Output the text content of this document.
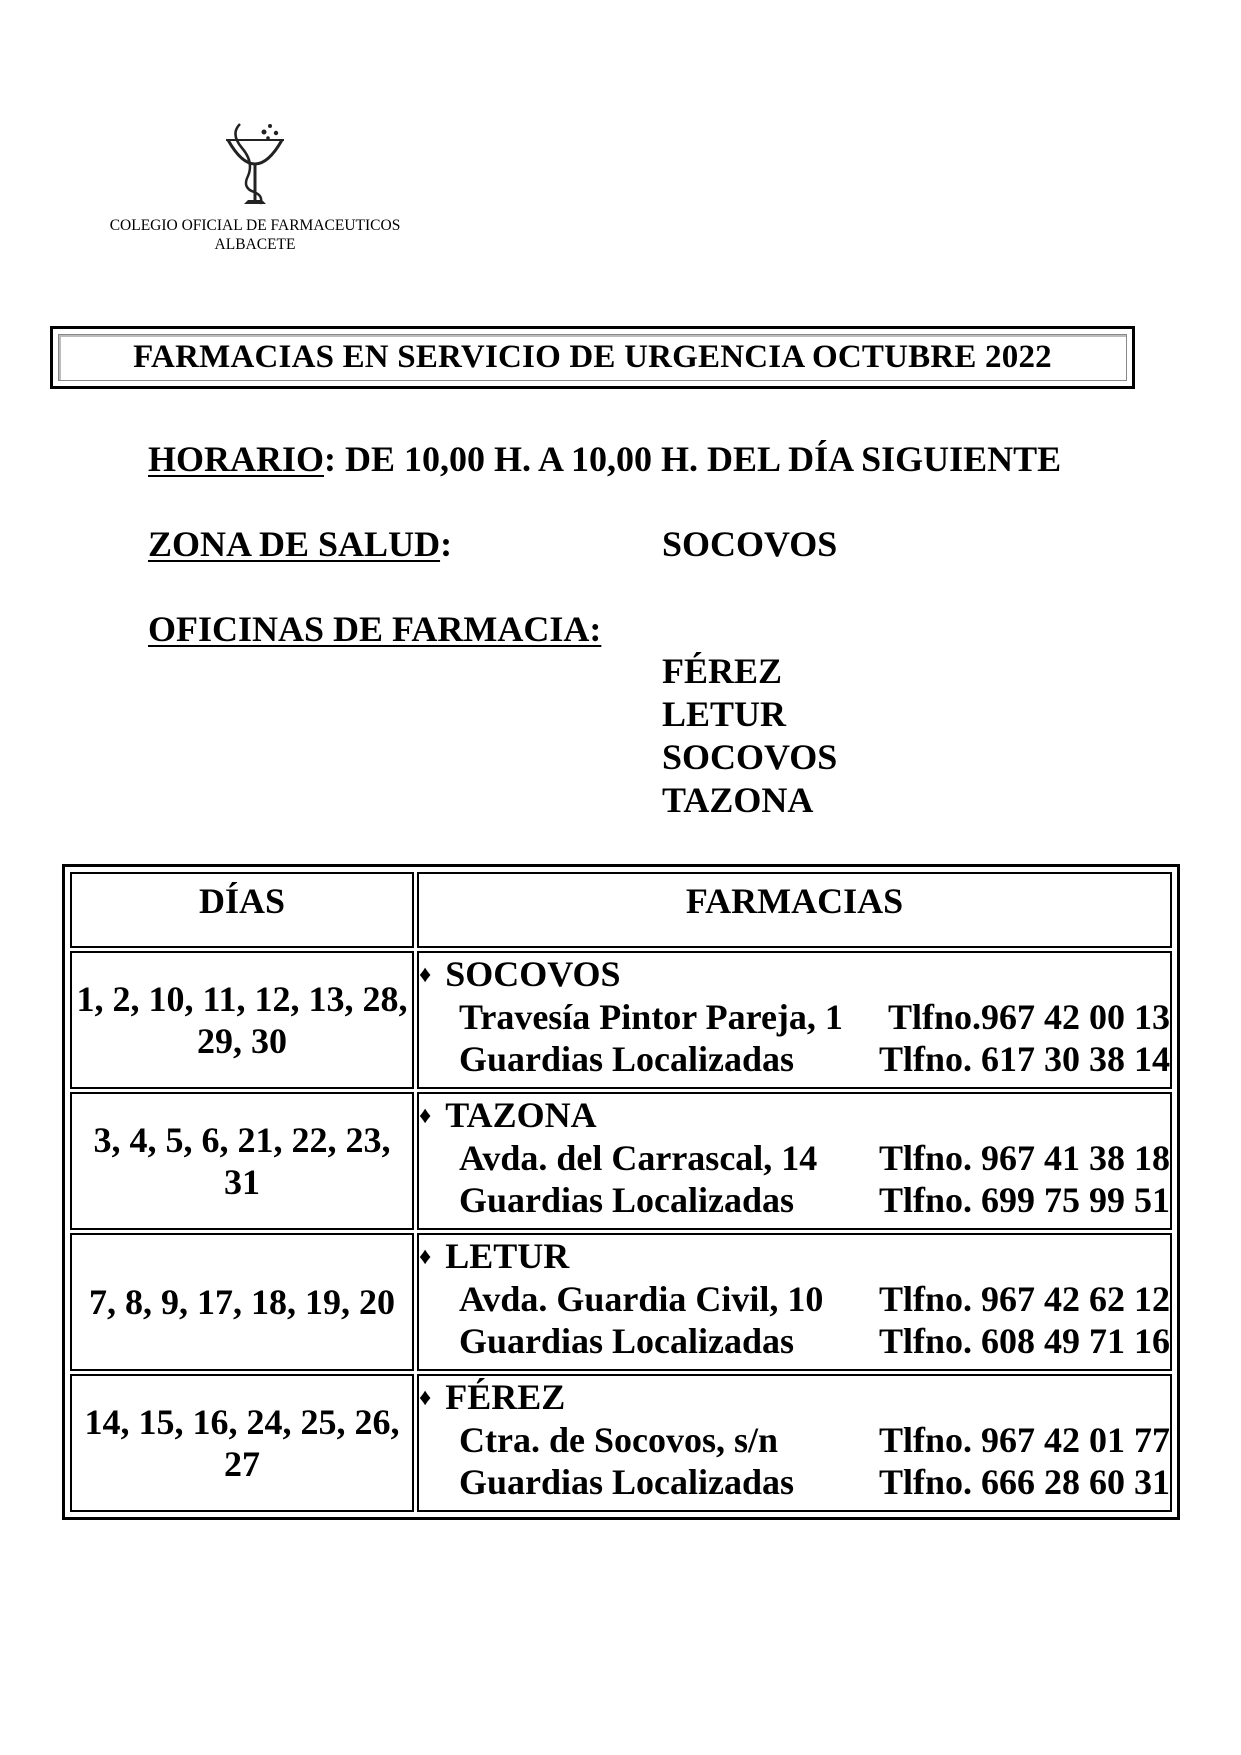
COLEGIO OFICIAL DE FARMACEUTICOS
ALBACETE
FARMACIAS EN SERVICIO DE URGENCIA OCTUBRE 2022
HORARIO: DE 10,00 H. A 10,00 H. DEL DÍA SIGUIENTE
ZONA DE SALUD:	SOCOVOS
OFICINAS DE FARMACIA:
FÉREZ
LETUR
SOCOVOS
TAZONA
DÍAS	FARMACIAS
1, 2, 10, 11, 12, 13, 28, 29, 30	♦ SOCOVOS
Travesía Pintor Pareja, 1 Tlfno.967 42 00 13
Guardias Localizadas Tlfno. 617 30 38 14

3, 4, 5, 6, 21, 22, 23, 31	♦ TAZONA
Avda. del Carrascal, 14 Tlfno. 967 41 38 18
Guardias Localizadas Tlfno. 699 75 99 51

7, 8, 9, 17, 18, 19, 20	♦ LETUR
Avda. Guardia Civil, 10 Tlfno. 967 42 62 12
Guardias Localizadas Tlfno. 608 49 71 16

14, 15, 16, 24, 25, 26, 27	♦ FÉREZ
Ctra. de Socovos, s/n Tlfno. 967 42 01 77
Guardias Localizadas Tlfno. 666 28 60 31
